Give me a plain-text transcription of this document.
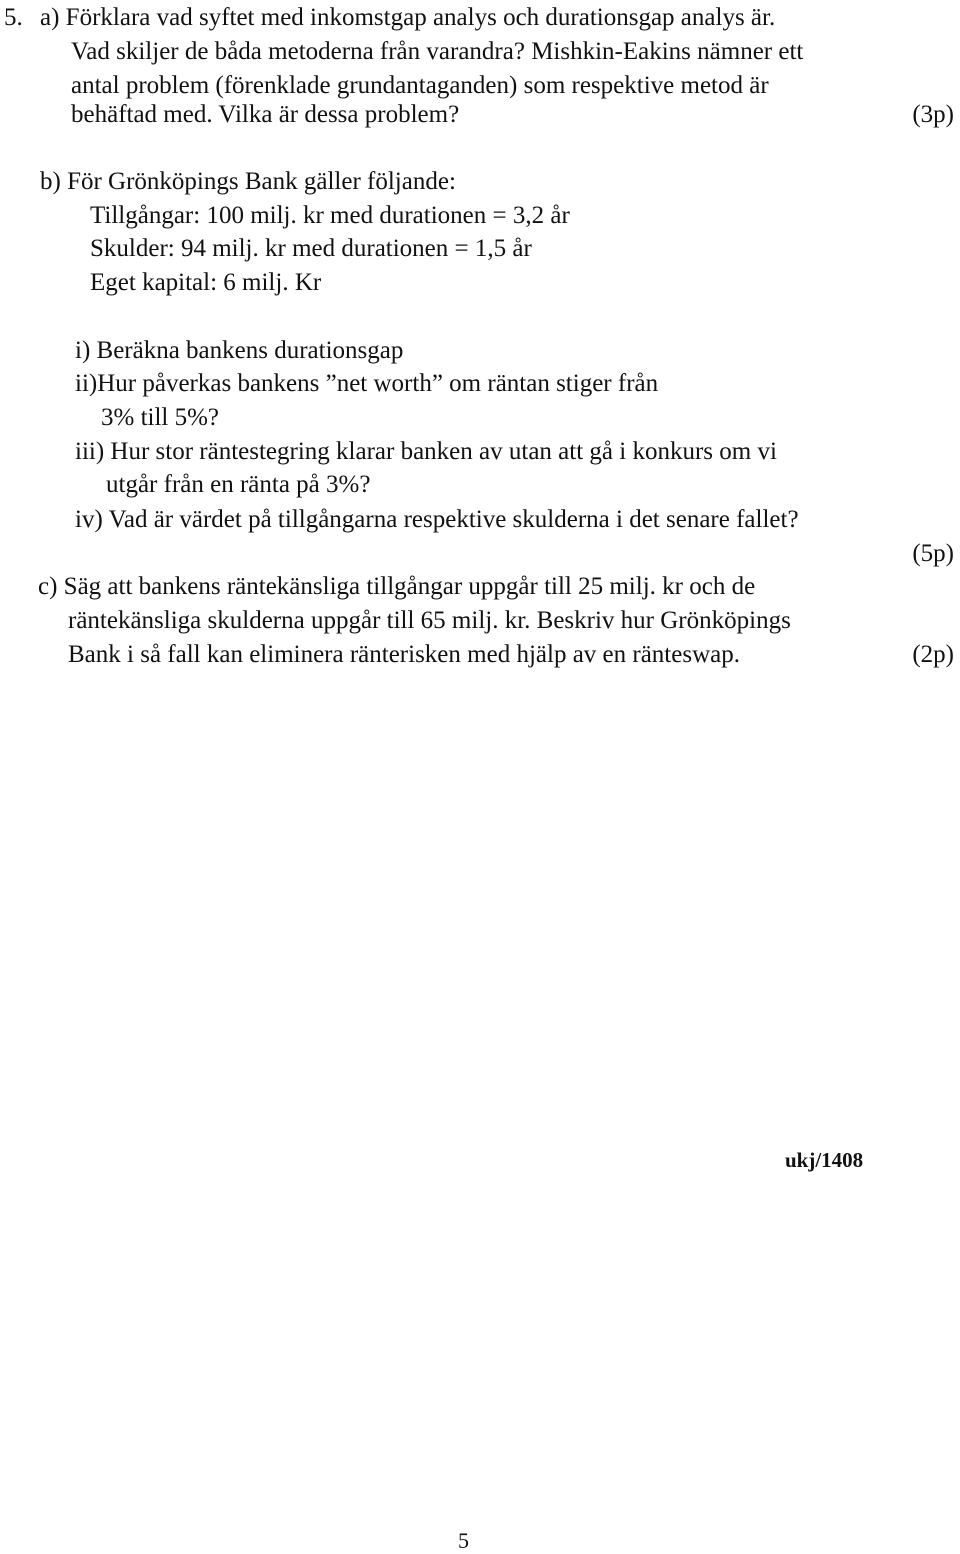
5. a) Förklara vad syftet med inkomstgap analys och durationsgap analys är.
Vad skiljer de båda metoderna från varandra? Mishkin-Eakins nämner ett
antal problem (förenklade grundantaganden) som respektive metod är
behäftad med. Vilka är dessa problem?	(3p)
b) För Grönköpings Bank gäller följande:
Tillgångar: 100 milj. kr med durationen = 3,2 år
Skulder: 94 milj. kr med durationen = 1,5 år
Eget kapital: 6 milj. Kr
i) Beräkna bankens durationsgap
ii)Hur påverkas bankens ”net worth” om räntan stiger från
3% till 5%?
iii) Hur stor räntestegring klarar banken av utan att gå i konkurs om vi
utgår från en ränta på 3%?
iv) Vad är värdet på tillgångarna respektive skulderna i det senare fallet?
(5p)
c) Säg att bankens räntekänsliga tillgångar uppgår till 25 milj. kr och de
räntekänsliga skulderna uppgår till 65 milj. kr. Beskriv hur Grönköpings
Bank i så fall kan eliminera ränterisken med hjälp av en ränteswap.	(2p)
ukj/1408
5
